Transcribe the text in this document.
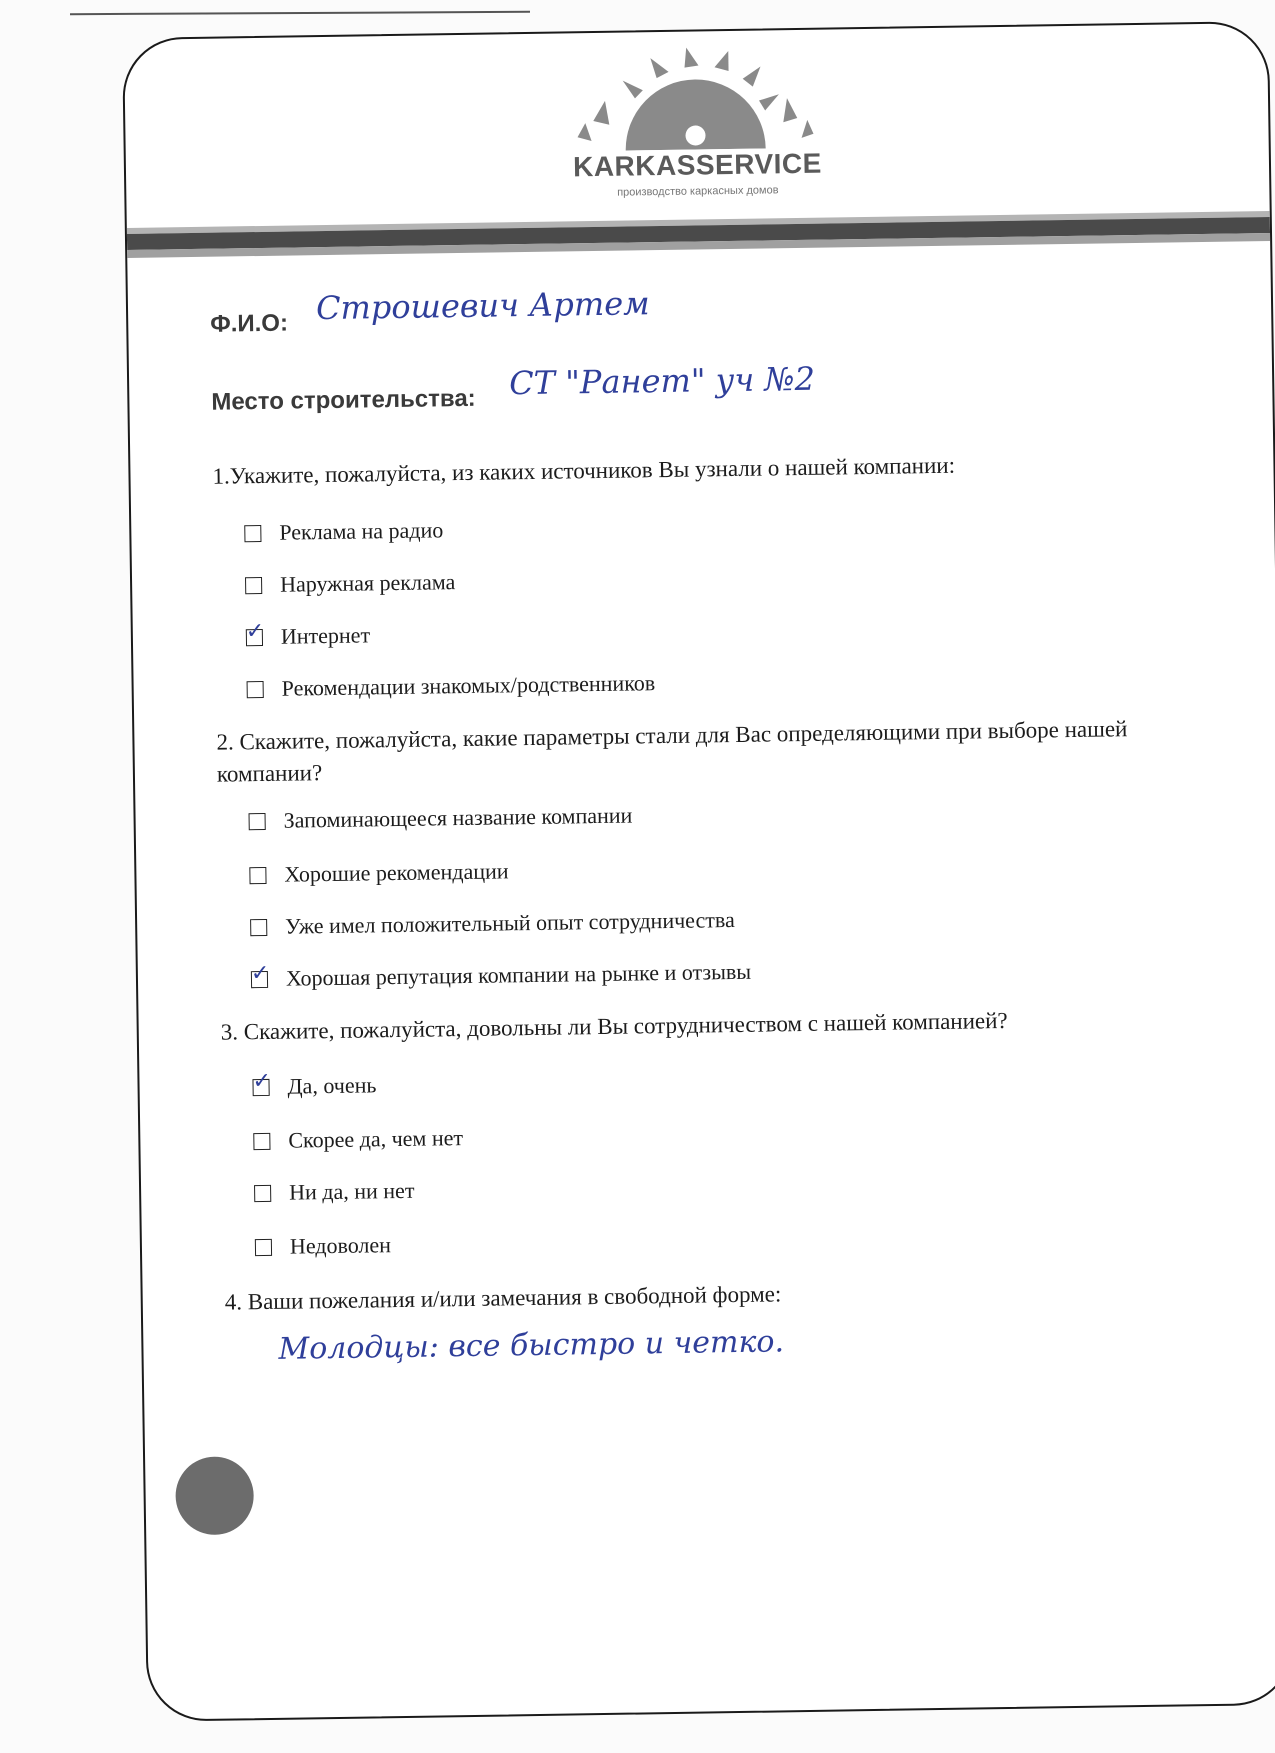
KARKASSERVICE
производство каркасных домов
Ф.И.О: Строшевич Артем
Место строительства: СТ "Ранет" уч №2
1.Укажите, пожалуйста, из каких источников Вы узнали о нашей компании:
Реклама на радио
Наружная реклама
✓ Интернет
Рекомендации знакомых/родственников
2. Скажите, пожалуйста, какие параметры стали для Вас определяющими при выборе нашей компании?
Запоминающееся название компании
Хорошие рекомендации
Уже имел положительный опыт сотрудничества
✓ Хорошая репутация компании на рынке и отзывы
3. Скажите, пожалуйста, довольны ли Вы сотрудничеством с нашей компанией?
✓ Да, очень
Скорее да, чем нет
Ни да, ни нет
Недоволен
4. Ваши пожелания и/или замечания в свободной форме:
Молодцы: все быстро и четко.
